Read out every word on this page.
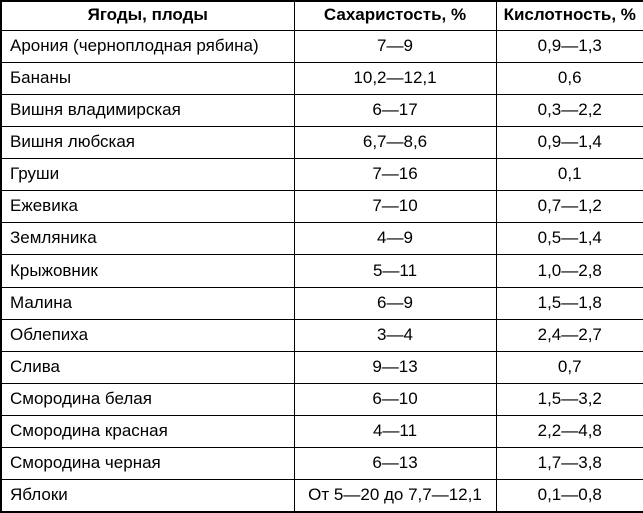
Ягоды, плоды	Сахаристость, %	Кислотность, %
Арония (черноплодная рябина)	7—9	0,9—1,3
Бананы	10,2—12,1	0,6
Вишня владимирская	6—17	0,3—2,2
Вишня любская	6,7—8,6	0,9—1,4
Груши	7—16	0,1
Ежевика	7—10	0,7—1,2
Земляника	4—9	0,5—1,4
Крыжовник	5—11	1,0—2,8
Малина	6—9	1,5—1,8
Облепиха	3—4	2,4—2,7
Слива	9—13	0,7
Смородина белая	6—10	1,5—3,2
Смородина красная	4—11	2,2—4,8
Смородина черная	6—13	1,7—3,8
Яблоки	От 5—20 до 7,7—12,1	0,1—0,8
